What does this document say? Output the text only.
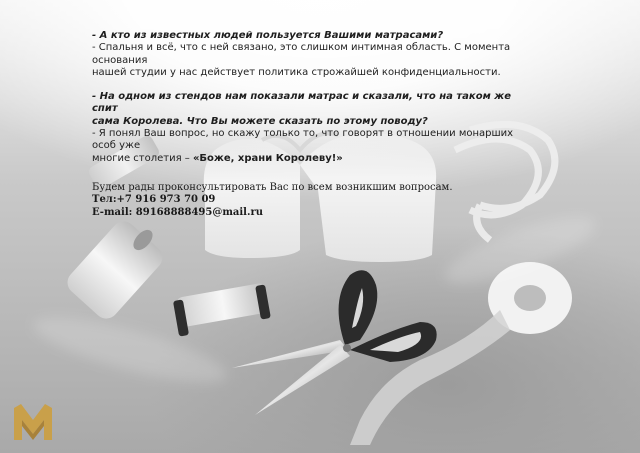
- А кто из известных людей пользуется Вашими матрасами?

- Спальня и всё, что с ней связано, это слишком интимная область. С момента основания

нашей студии у нас действует политика строжайшей конфиденциальности.

- На одном из стендов нам показали матрас и сказали, что на таком же спит

сама Королева. Что Вы можете сказать по этому поводу?

- Я понял Ваш вопрос, но скажу только то, что говорят в отношении монарших особ уже

многие столетия – «Боже, храни Королеву!»

Будем рады проконсультировать Вас по всем возникшим вопросам.

Тел:+7 916 973 70 09

E-mail: 89168888495@mail.ru
